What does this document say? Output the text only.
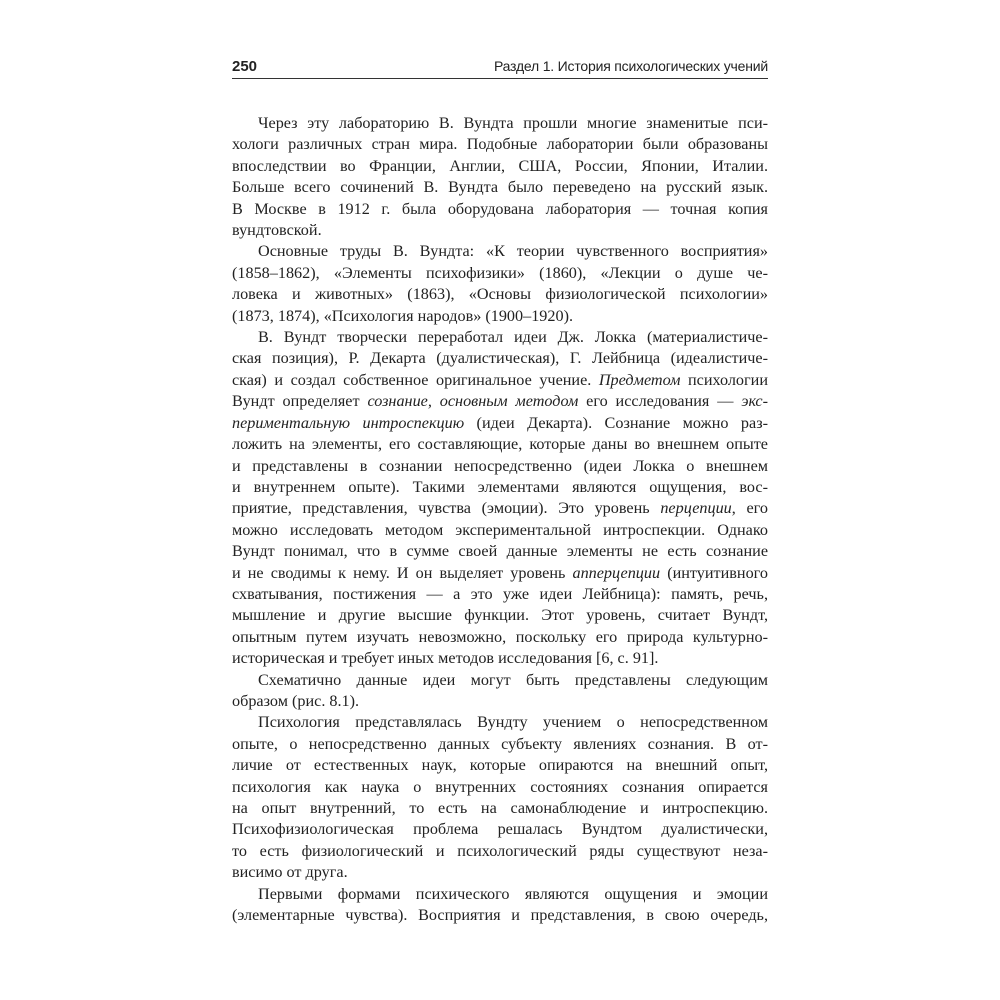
250	Раздел 1. История психологических учений
Через эту лабораторию В. Вундта прошли многие знаменитые пси-
хологи различных стран мира. Подобные лаборатории были образованы
впоследствии во Франции, Англии, США, России, Японии, Италии.
Больше всего сочинений В. Вундта было переведено на русский язык.
В Москве в 1912 г. была оборудована лаборатория — точная копия
вундтовской.
Основные труды В. Вундта: «К теории чувственного восприятия»
(1858–1862), «Элементы психофизики» (1860), «Лекции о душе че-
ловека и животных» (1863), «Основы физиологической психологии»
(1873, 1874), «Психология народов» (1900–1920).
В. Вундт творчески переработал идеи Дж. Локка (материалистиче-
ская позиция), Р. Декарта (дуалистическая), Г. Лейбница (идеалистиче-
ская) и создал собственное оригинальное учение. Предметом психологии
Вундт определяет сознание, основным методом его исследования — экс-
периментальную интроспекцию (идеи Декарта). Сознание можно раз-
ложить на элементы, его составляющие, которые даны во внешнем опыте
и представлены в сознании непосредственно (идеи Локка о внешнем
и внутреннем опыте). Такими элементами являются ощущения, вос-
приятие, представления, чувства (эмоции). Это уровень перцепции, его
можно исследовать методом экспериментальной интроспекции. Однако
Вундт понимал, что в сумме своей данные элементы не есть сознание
и не сводимы к нему. И он выделяет уровень апперцепции (интуитивного
схватывания, постижения — а это уже идеи Лейбница): память, речь,
мышление и другие высшие функции. Этот уровень, считает Вундт,
опытным путем изучать невозможно, поскольку его природа культурно-
историческая и требует иных методов исследования [6, с. 91].
Схематично данные идеи могут быть представлены следующим
образом (рис. 8.1).
Психология представлялась Вундту учением о непосредственном
опыте, о непосредственно данных субъекту явлениях сознания. В от-
личие от естественных наук, которые опираются на внешний опыт,
психология как наука о внутренних состояниях сознания опирается
на опыт внутренний, то есть на самонаблюдение и интроспекцию.
Психофизиологическая проблема решалась Вундтом дуалистически,
то есть физиологический и психологический ряды существуют неза-
висимо от друга.
Первыми формами психического являются ощущения и эмоции
(элементарные чувства). Восприятия и представления, в свою очередь,
